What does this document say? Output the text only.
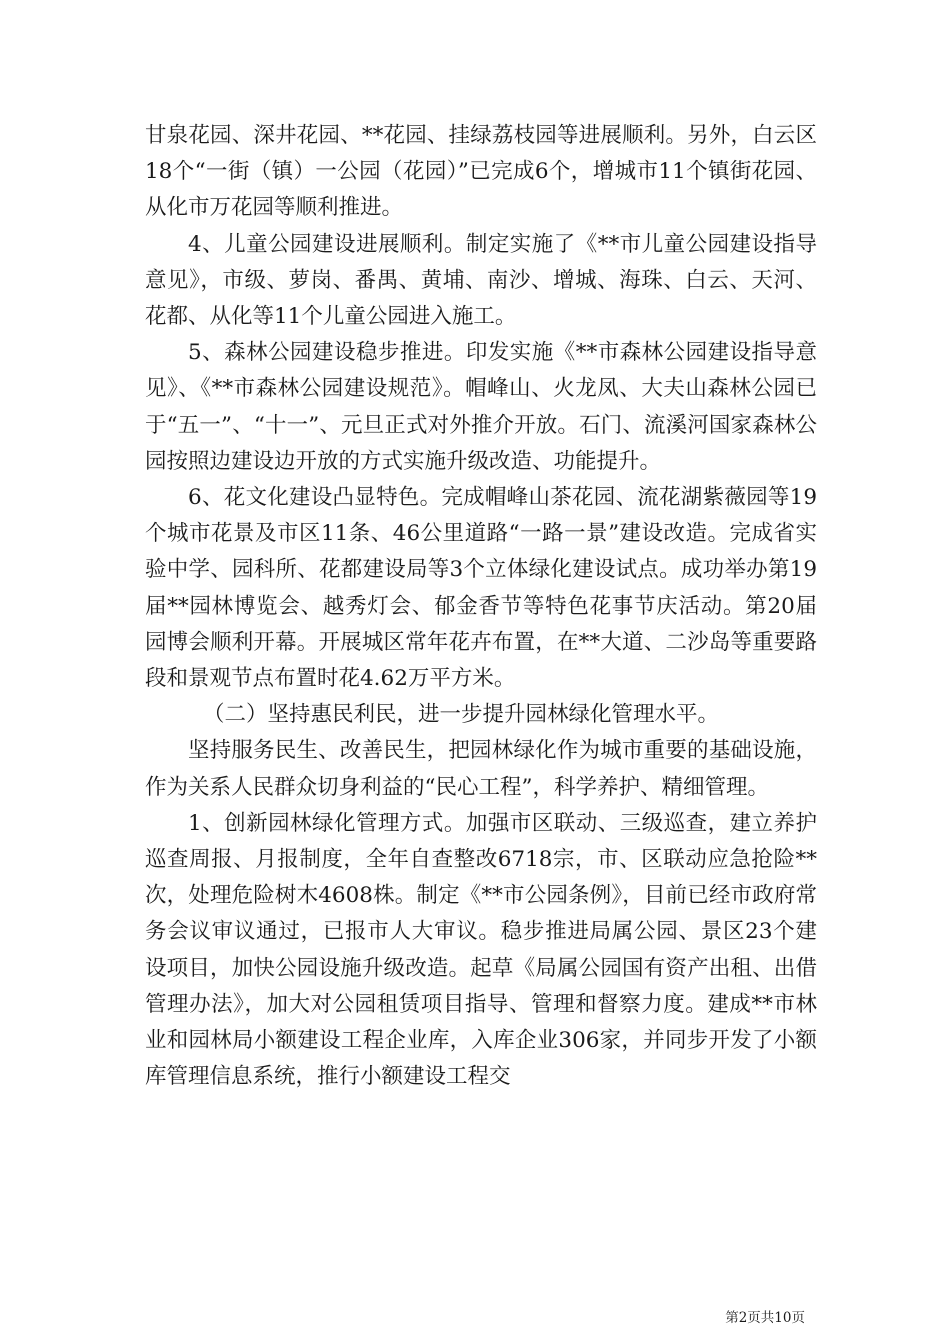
甘泉花园、深井花园、**花园、挂绿荔枝园等进展顺利。另外，白云区18个“一街（镇）一公园（花园）”已完成6个，增城市11个镇街花园、从化市万花园等顺利推进。

4、儿童公园建设进展顺利。制定实施了《**市儿童公园建设指导意见》，市级、萝岗、番禺、黄埔、南沙、增城、海珠、白云、天河、花都、从化等11个儿童公园进入施工。

5、森林公园建设稳步推进。印发实施《**市森林公园建设指导意见》、《**市森林公园建设规范》。帽峰山、火龙凤、大夫山森林公园已于“五一”、“十一”、元旦正式对外推介开放。石门、流溪河国家森林公园按照边建设边开放的方式实施升级改造、功能提升。

6、花文化建设凸显特色。完成帽峰山茶花园、流花湖紫薇园等19个城市花景及市区11条、46公里道路“一路一景”建设改造。完成省实验中学、园科所、花都建设局等3个立体绿化建设试点。成功举办第19届**园林博览会、越秀灯会、郁金香节等特色花事节庆活动。第20届园博会顺利开幕。开展城区常年花卉布置，在**大道、二沙岛等重要路段和景观节点布置时花4.62万平方米。

（二）坚持惠民利民，进一步提升园林绿化管理水平。

坚持服务民生、改善民生，把园林绿化作为城市重要的基础设施，作为关系人民群众切身利益的“民心工程”，科学养护、精细管理。

1、创新园林绿化管理方式。加强市区联动、三级巡查，建立养护巡查周报、月报制度，全年自查整改6718宗，市、区联动应急抢险**次，处理危险树木4608株。制定《**市公园条例》，目前已经市政府常务会议审议通过，已报市人大审议。稳步推进局属公园、景区23个建设项目，加快公园设施升级改造。起草《局属公园国有资产出租、出借管理办法》，加大对公园租赁项目指导、管理和督察力度。建成**市林业和园林局小额建设工程企业库，入库企业306家，并同步开发了小额库管理信息系统，推行小额建设工程交

第2页共10页
